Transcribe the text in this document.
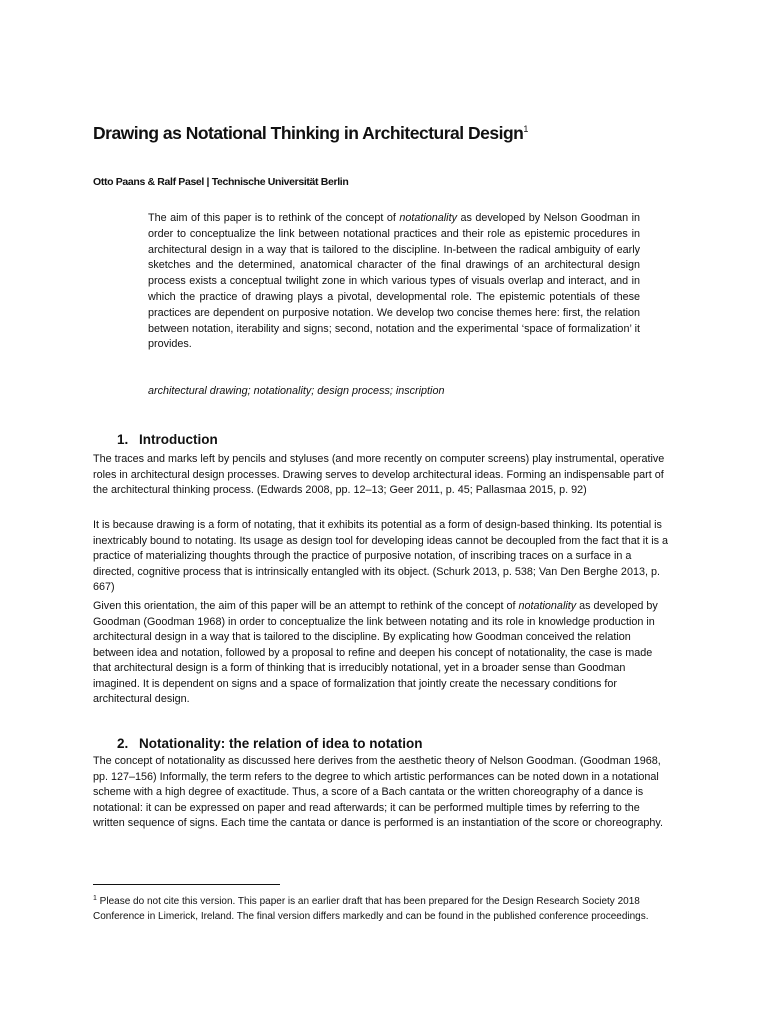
Drawing as Notational Thinking in Architectural Design$^1$
Otto Paans & Ralf Pasel | Technische Universität Berlin

The aim of this paper is to rethink of the concept of notationality as developed by Nelson Goodman in order to conceptualize the link between notational practices and their role as epistemic procedures in architectural design in a way that is tailored to the discipline. In-between the radical ambiguity of early sketches and the determined, anatomical character of the final drawings of an architectural design process exists a conceptual twilight zone in which various types of visuals overlap and interact, and in which the practice of drawing plays a pivotal, developmental role. The epistemic potentials of these practices are dependent on purposive notation. We develop two concise themes here: first, the relation between notation, iterability and signs; second, notation and the experimental ‘space of formalization’ it provides.

architectural drawing; notationality; design process; inscription
1. Introduction

The traces and marks left by pencils and styluses (and more recently on computer screens) play instrumental, operative roles in architectural design processes. Drawing serves to develop architectural ideas. Forming an indispensable part of the architectural thinking process. (Edwards 2008, pp. 12–13; Geer 2011, p. 45; Pallasmaa 2015, p. 92)

It is because drawing is a form of notating, that it exhibits its potential as a form of design-based thinking. Its potential is inextricably bound to notating. Its usage as design tool for developing ideas cannot be decoupled from the fact that it is a practice of materializing thoughts through the practice of purposive notation, of inscribing traces on a surface in a directed, cognitive process that is intrinsically entangled with its object. (Schurk 2013, p. 538; Van Den Berghe 2013, p. 667)

Given this orientation, the aim of this paper will be an attempt to rethink of the concept of notationality as developed by Goodman (Goodman 1968) in order to conceptualize the link between notating and its role in knowledge production in architectural design in a way that is tailored to the discipline. By explicating how Goodman conceived the relation between idea and notation, followed by a proposal to refine and deepen his concept of notationality, the case is made that architectural design is a form of thinking that is irreducibly notational, yet in a broader sense than Goodman imagined. It is dependent on signs and a space of formalization that jointly create the necessary conditions for architectural design.

2. Notationality: the relation of idea to notation

The concept of notationality as discussed here derives from the aesthetic theory of Nelson Goodman. (Goodman 1968, pp. 127–156) Informally, the term refers to the degree to which artistic performances can be noted down in a notational scheme with a high degree of exactitude. Thus, a score of a Bach cantata or the written choreography of a dance is notational: it can be expressed on paper and read afterwards; it can be performed multiple times by referring to the written sequence of signs. Each time the cantata or dance is performed is an instantiation of the score or choreography.

$^1$ Please do not cite this version. This paper is an earlier draft that has been prepared for the Design Research Society 2018 Conference in Limerick, Ireland. The final version differs markedly and can be found in the published conference proceedings.
